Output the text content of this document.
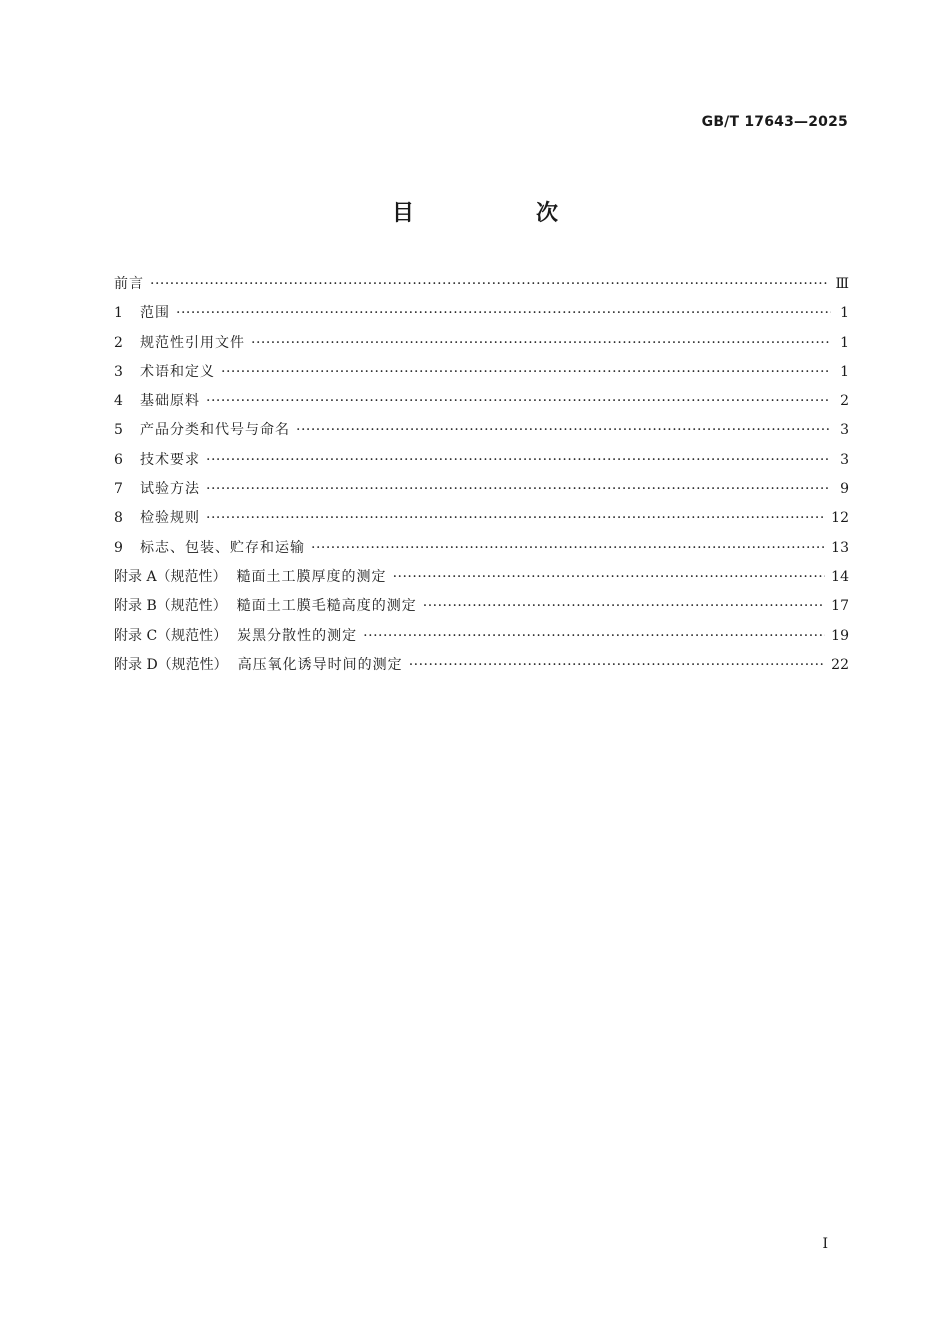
GB/T 17643—2025
目　次
前言 ·····	Ⅲ
1	范围 ·····	1
2	规范性引用文件 ·····	1
3	术语和定义 ·····	1
4	基础原料 ·····	2
5	产品分类和代号与命名 ·····	3
6	技术要求 ·····	3
7	试验方法 ·····	9
8	检验规则 ·····	12
9	标志、包装、贮存和运输 ·····	13
附录 A（规范性） 糙面土工膜厚度的测定 ·····	14
附录 B（规范性） 糙面土工膜毛糙高度的测定 ·····	17
附录 C（规范性） 炭黑分散性的测定 ·····	19
附录 D（规范性） 高压氧化诱导时间的测定 ·····	22
I
